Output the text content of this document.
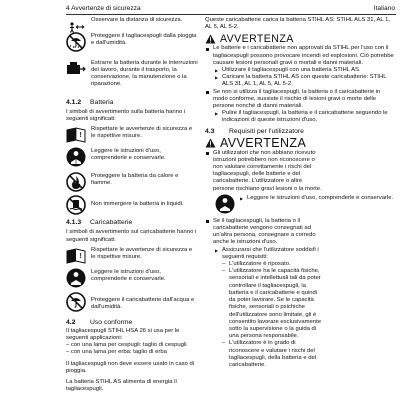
4 Avvertenze di sicurezza	Italiano
Osservare la distanza di sicurezza.
Proteggere il tagliacespugli dalla pioggia e dall'umidità.
Estrarre la batteria durante le interruzioni del lavoro, durante il trasporto, la conservazione, la manutenzione o la riparazione.

4.1.2 Batteria

I simboli di avvertimento sulla batteria hanno i seguenti significati:

!
Rispettare le avvertenze di sicurezza e le rispettive misure.
Leggere le istruzioni d'uso, comprenderle e conservarle.
Proteggere la batteria da calore e fiamme.
Non immergere la batteria in liquidi.

4.1.3 Caricabatterie

I simboli di avvertimento sul caricabatterie hanno i seguenti significati:

!
Rispettare le avvertenze di sicurezza e le rispettive misure.
Leggere le istruzioni d'uso, comprenderle e conservarle.
Proteggere il caricabatterie dall'acqua e dall'umidità.

4.2 Uso conforme

Il tagliacespugli STIHL HSA 26 si usa per le seguenti applicazioni:

– con una lama per cespugli: taglio di cespugli

– con una lama per erba: taglio di erba

Il tagliacespugli non deve essere usato in caso di pioggia.

La batteria STIHL AS alimenta di energia il tagliacespugli.

Queste caricabatterie carica la batteria STIHL AS: STIHL ALS 31, AL 1, AL 5, AL 5-2.

AVVERTENZA

Le batterie e i caricabatterie non approvati da STIHL per l'uso con il tagliacespugli possono provocare incendi ed esplosioni. Ciò potrebbe causare lesioni personali gravi o mortali e danni materiali.

▶ Utilizzare il tagliacespugli con una batteria STIHL AS.

▶ Caricare la batteria STIHL AS con queste caricabatterie: STIHL ALS 31, AL 1, AL 5, AL 5-2.

Se non si utilizza il tagliacespugli, la batteria o il caricabatterie in modo conforme, sussiste il rischio di lesioni gravi o morte delle persone nonché di danni materiali.

▶ Pulire il tagliacespugli, la batteria e il caricabatterie seguendo le indicazioni di queste istruzioni d'uso.

4.3 Requisiti per l'utilizzatore

AVVERTENZA

Gli utilizzatori che non abbiano ricevuto istruzioni potrebbero non riconoscere o non valutare correttamente i rischi del tagliacespugli, delle batterie e del caricabatterie. L'utilizzatore o altre persone rischiano gravi lesioni o la morte.

▶ Leggere le istruzioni d'uso, comprenderle e conservarle.

Se il tagliacespugli, la batteria o il caricabatterie vengono consegnati ad un'altra persona, consegnare a corredo anche le istruzioni d'uso.

▶ Assicurarsi che l'utilizzatore soddisfi i seguenti requisiti:

– L'utilizzatore è riposato.

– L'utilizzatore ha le capacità fisiche, sensoriali e intellettuali tali da poter controllare il tagliacespugli, la batteria e il caricabatterie e quindi da poter lavorare. Se le capacità fisiche, sensoriali o psichiche dell'utilizzatore sono limitate, gli è consentito lavorare esclusivamente sotto la supervisione o la guida di una persona responsabile.

– L'utilizzatore è in grado di riconoscere e valutare i rischi del tagliacespugli, della batteria e del caricabatterie.
